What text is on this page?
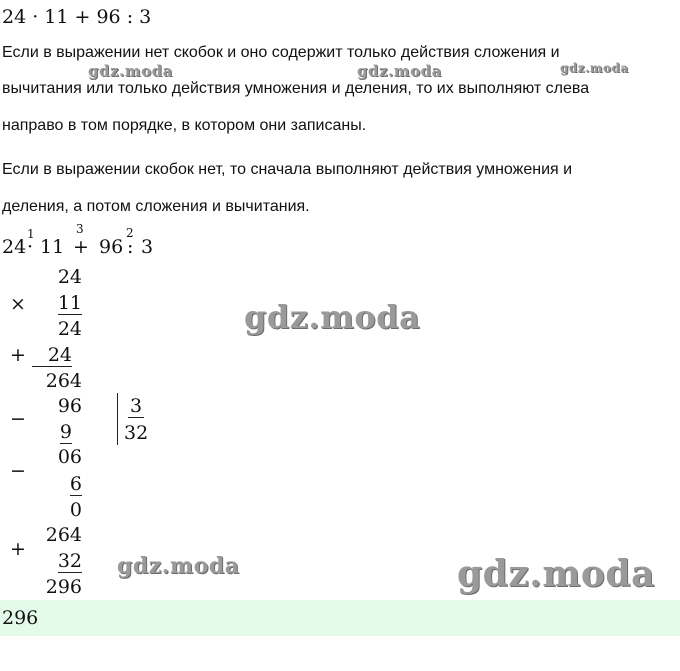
24 · 11 + 96 : 3
Если в выражении нет скобок и оно содержит только действия сложения и
вычитания или только действия умножения и деления, то их выполняют слева
направо в том порядке, в котором они записаны.
Если в выражении скобок нет, то сначала выполняют действия умножения и
деления, а потом сложения и вычитания.
gdz.moda	gdz.moda	gdz.moda
24 ·
1
11 +
3
96 :
2
3
24
×	11
24
+	24
264
−
96
9
3
32
06
−
6
0
264
+
32
296
gdz.moda
gdz.moda	gdz.moda
296
